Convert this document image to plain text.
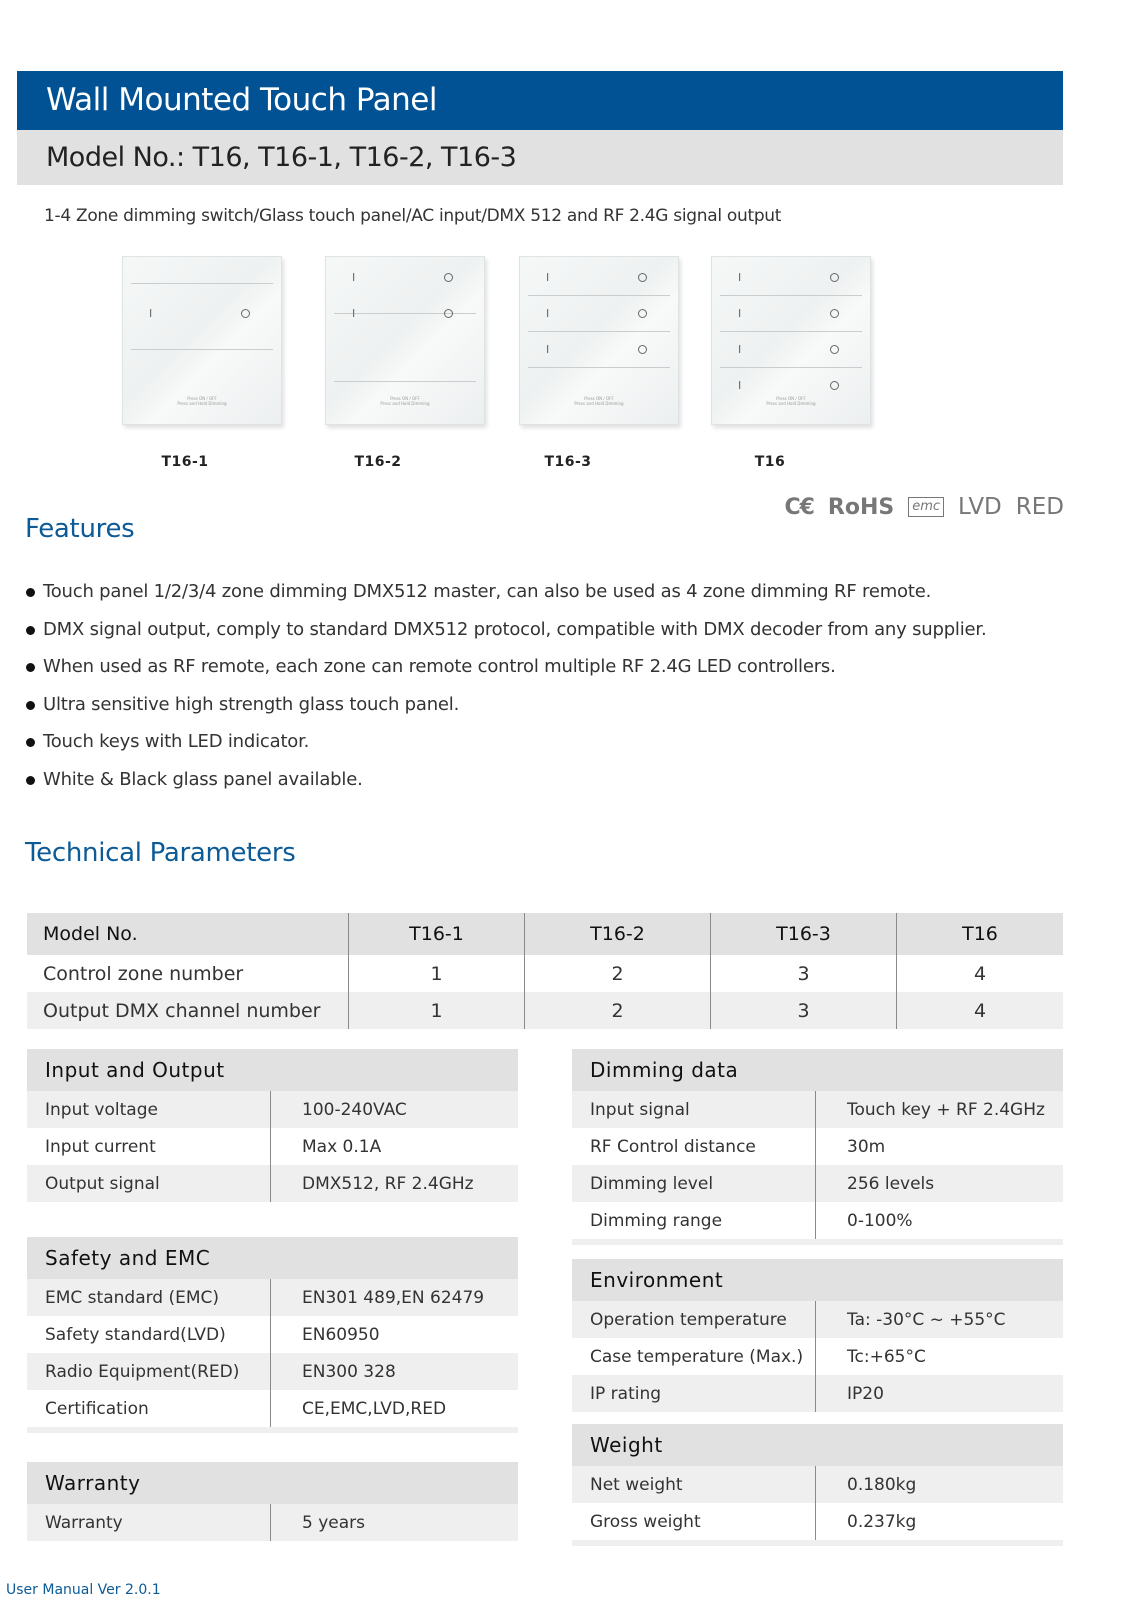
Wall Mounted Touch Panel
Model No.: T16, T16-1, T16-2, T16-3
1-4 Zone dimming switch/Glass touch panel/AC input/DMX 512 and RF 2.4G signal output
I
Press ON / OFF
Press and Hold Dimming
T16-1
I
I
Press ON / OFF
Press and Hold Dimming
T16-2
I
I
I
Press ON / OFF
Press and Hold Dimming
T16-3
I
I
I
I
Press ON / OFF
Press and Hold Dimming
T16
C€ RoHS	emc LVD RED
Features
Touch panel 1/2/3/4 zone dimming DMX512 master, can also be used as 4 zone dimming RF remote.
DMX signal output, comply to standard DMX512 protocol, compatible with DMX decoder from any supplier.
When used as RF remote, each zone can remote control multiple RF 2.4G LED controllers.
Ultra sensitive high strength glass touch panel.
Touch keys with LED indicator.
White & Black glass panel available.
Technical Parameters
Model No.	T16-1	T16-2	T16-3	T16
Control zone number	1	2	3	4
Output DMX channel number	1	2	3	4
Input and Output	
Input voltage	100-240VAC
Input current	Max 0.1A
Output signal	DMX512, RF 2.4GHz
Safety and EMC	
EMC standard (EMC)	EN301 489,EN 62479
Safety standard(LVD)	EN60950
Radio Equipment(RED)	EN300 328
Certification	CE,EMC,LVD,RED

Warranty
Warranty	5 years
Dimming data	
Input signal	Touch key + RF 2.4GHz
RF Control distance	30m
Dimming level	256 levels
Dimming range	0-100%

Environment	
Operation temperature	Ta: -30°C ~ +55°C
Case temperature (Max.)	Tc:+65°C
IP rating	IP20
Weight	
Net weight	0.180kg
Gross weight	0.237kg

User Manual Ver 2.0.1
